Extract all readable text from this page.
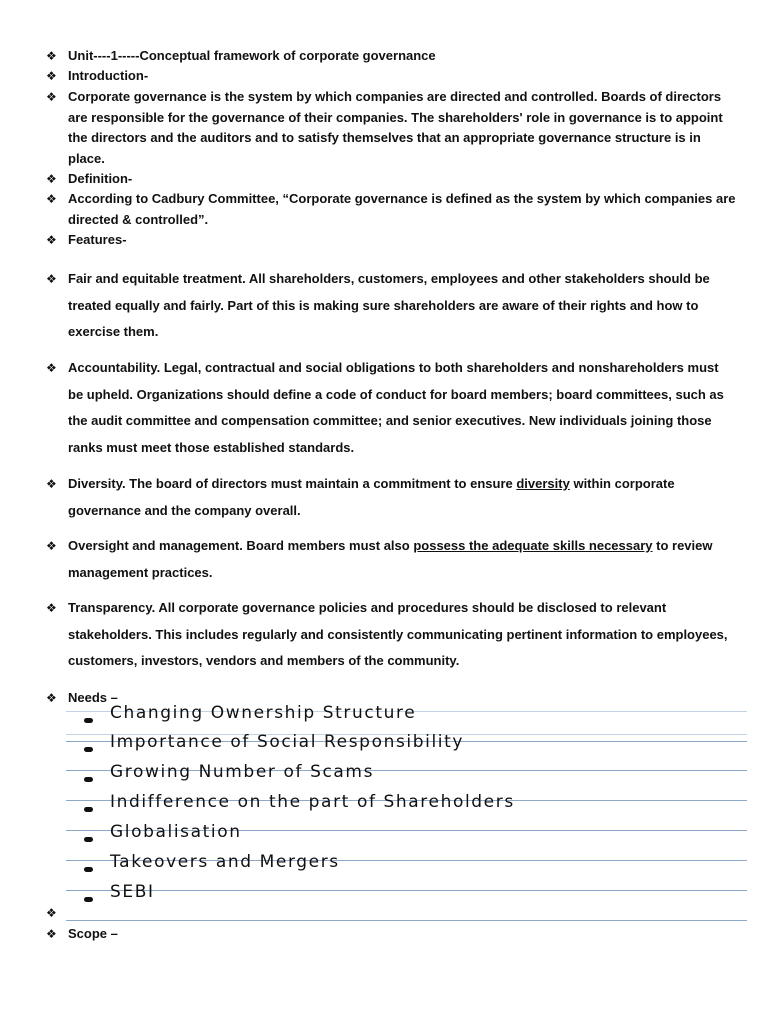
❖ Unit----1-----Conceptual framework of corporate governance
❖ Introduction-
❖ Corporate governance is the system by which companies are directed and controlled. Boards of directors are responsible for the governance of their companies. The shareholders' role in governance is to appoint the directors and the auditors and to satisfy themselves that an appropriate governance structure is in place.
❖ Definition-
❖ According to Cadbury Committee, “Corporate governance is defined as the system by which companies are directed & controlled”.
❖ Features-
❖ Fair and equitable treatment. All shareholders, customers, employees and other stakeholders should be treated equally and fairly. Part of this is making sure shareholders are aware of their rights and how to exercise them.
❖ Accountability. Legal, contractual and social obligations to both shareholders and nonshareholders must be upheld. Organizations should define a code of conduct for board members; board committees, such as the audit committee and compensation committee; and senior executives. New individuals joining those ranks must meet those established standards.
❖ Diversity. The board of directors must maintain a commitment to ensure diversity within corporate governance and the company overall.
❖ Oversight and management. Board members must also possess the adequate skills necessary to review management practices.
❖ Transparency. All corporate governance policies and procedures should be disclosed to relevant stakeholders. This includes regularly and consistently communicating pertinent information to employees, customers, investors, vendors and members of the community.
❖ Needs –
Changing Ownership Structure
Importance of Social Responsibility
Growing Number of Scams
Indifference on the part of Shareholders
Globalisation
Takeovers and Mergers
SEBI
❖
❖ Scope –
